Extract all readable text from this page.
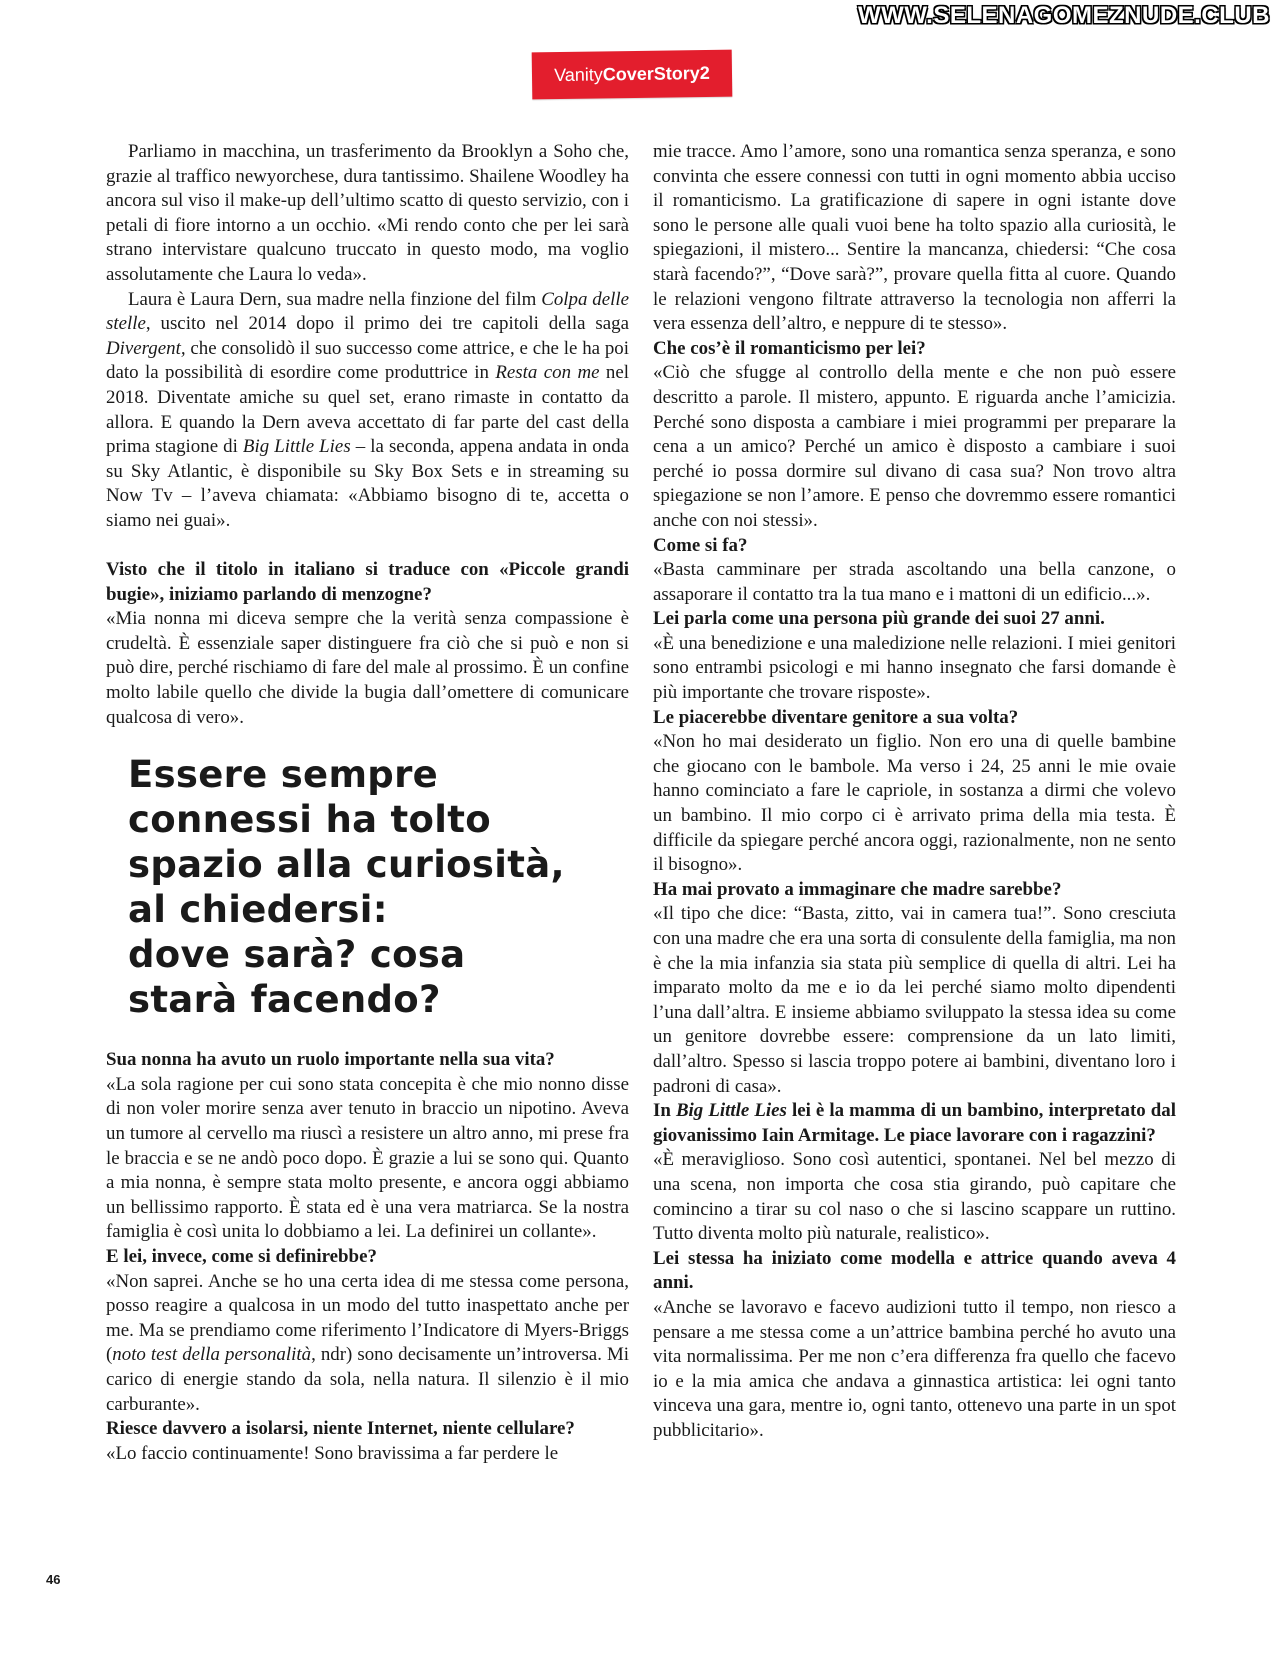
WWW.SELENAGOMEZNUDE.CLUB
Vanity CoverStory2

Parliamo in macchina, un trasferimento da Brooklyn a Soho che, grazie al traffico newyorchese, dura tantissimo. Shailene Woodley ha ancora sul viso il make-up dell’ultimo scatto di questo servizio, con i petali di fiore intorno a un occhio. «Mi rendo conto che per lei sarà strano intervistare qualcuno truccato in questo modo, ma voglio assolutamente che Laura lo veda».

Laura è Laura Dern, sua madre nella finzione del film Colpa delle stelle, uscito nel 2014 dopo il primo dei tre capitoli della saga Divergent, che consolidò il suo successo come attrice, e che le ha poi dato la possibilità di esordire come produttrice in Resta con me nel 2018. Diventate amiche su quel set, erano rimaste in contatto da allora. E quando la Dern aveva accettato di far parte del cast della prima stagione di Big Little Lies – la seconda, appena andata in onda su Sky Atlantic, è disponibile su Sky Box Sets e in streaming su Now Tv – l’aveva chiamata: «Abbiamo bisogno di te, accetta o siamo nei guai».

Visto che il titolo in italiano si traduce con «Piccole grandi bugie», iniziamo parlando di menzogne?

«Mia nonna mi diceva sempre che la verità senza compassione è crudeltà. È essenziale saper distinguere fra ciò che si può e non si può dire, perché rischiamo di fare del male al prossimo. È un confine molto labile quello che divide la bugia dall’omettere di comunicare qualcosa di vero».

Essere sempre
connessi ha tolto
spazio alla curiosità,
al chiedersi:
dove sarà? cosa
starà facendo?

Sua nonna ha avuto un ruolo importante nella sua vita?

«La sola ragione per cui sono stata concepita è che mio nonno disse di non voler morire senza aver tenuto in braccio un nipotino. Aveva un tumore al cervello ma riuscì a resistere un altro anno, mi prese fra le braccia e se ne andò poco dopo. È grazie a lui se sono qui. Quanto a mia nonna, è sempre stata molto presente, e ancora oggi abbiamo un bellissimo rapporto. È stata ed è una vera matriarca. Se la nostra famiglia è così unita lo dobbiamo a lei. La definirei un collante».

E lei, invece, come si definirebbe?

«Non saprei. Anche se ho una certa idea di me stessa come persona, posso reagire a qualcosa in un modo del tutto inaspettato anche per me. Ma se prendiamo come riferimento l’Indicatore di Myers-Briggs (noto test della personalità, ndr) sono decisamente un’introversa. Mi carico di energie stando da sola, nella natura. Il silenzio è il mio carburante».

Riesce davvero a isolarsi, niente Internet, niente cellulare?

«Lo faccio continuamente! Sono bravissima a far perdere le

mie tracce. Amo l’amore, sono una romantica senza speranza, e sono convinta che essere connessi con tutti in ogni momento abbia ucciso il romanticismo. La gratificazione di sapere in ogni istante dove sono le persone alle quali vuoi bene ha tolto spazio alla curiosità, le spiegazioni, il mistero... Sentire la mancanza, chiedersi: “Che cosa starà facendo?”, “Dove sarà?”, provare quella fitta al cuore. Quando le relazioni vengono filtrate attraverso la tecnologia non afferri la vera essenza dell’altro, e neppure di te stesso».

Che cos’è il romanticismo per lei?

«Ciò che sfugge al controllo della mente e che non può essere descritto a parole. Il mistero, appunto. E riguarda anche l’amicizia. Perché sono disposta a cambiare i miei programmi per preparare la cena a un amico? Perché un amico è disposto a cambiare i suoi perché io possa dormire sul divano di casa sua? Non trovo altra spiegazione se non l’amore. E penso che dovremmo essere romantici anche con noi stessi».

Come si fa?

«Basta camminare per strada ascoltando una bella canzone, o assaporare il contatto tra la tua mano e i mattoni di un edificio...».

Lei parla come una persona più grande dei suoi 27 anni.

«È una benedizione e una maledizione nelle relazioni. I miei genitori sono entrambi psicologi e mi hanno insegnato che farsi domande è più importante che trovare risposte».

Le piacerebbe diventare genitore a sua volta?

«Non ho mai desiderato un figlio. Non ero una di quelle bambine che giocano con le bambole. Ma verso i 24, 25 anni le mie ovaie hanno cominciato a fare le capriole, in sostanza a dirmi che volevo un bambino. Il mio corpo ci è arrivato prima della mia testa. È difficile da spiegare perché ancora oggi, razionalmente, non ne sento il bisogno».

Ha mai provato a immaginare che madre sarebbe?

«Il tipo che dice: “Basta, zitto, vai in camera tua!”. Sono cresciuta con una madre che era una sorta di consulente della famiglia, ma non è che la mia infanzia sia stata più semplice di quella di altri. Lei ha imparato molto da me e io da lei perché siamo molto dipendenti l’una dall’altra. E insieme abbiamo sviluppato la stessa idea su come un genitore dovrebbe essere: comprensione da un lato limiti, dall’altro. Spesso si lascia troppo potere ai bambini, diventano loro i padroni di casa».

In Big Little Lies lei è la mamma di un bambino, interpretato dal giovanissimo Iain Armitage. Le piace lavorare con i ragazzini?

«È meraviglioso. Sono così autentici, spontanei. Nel bel mezzo di una scena, non importa che cosa stia girando, può capitare che comincino a tirar su col naso o che si lascino scappare un ruttino. Tutto diventa molto più naturale, realistico».

Lei stessa ha iniziato come modella e attrice quando aveva 4 anni.

«Anche se lavoravo e facevo audizioni tutto il tempo, non riesco a pensare a me stessa come a un’attrice bambina perché ho avuto una vita normalissima. Per me non c’era differenza fra quello che facevo io e la mia amica che andava a ginnastica artistica: lei ogni tanto vinceva una gara, mentre io, ogni tanto, ottenevo una parte in un spot pubblicitario».

46
